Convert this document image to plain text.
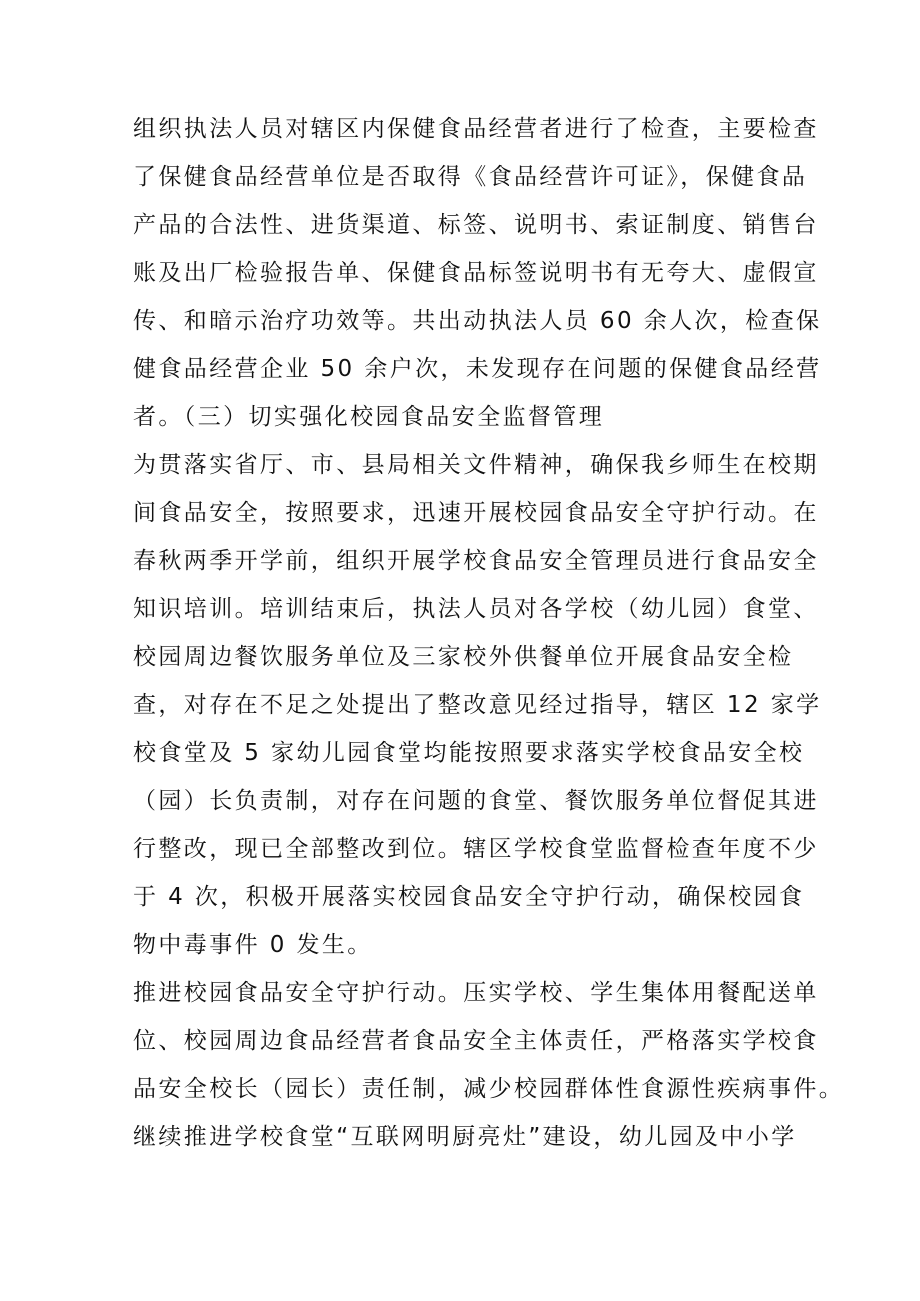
组织执法人员对辖区内保健食品经营者进行了检查，主要检查
了保健食品经营单位是否取得《食品经营许可证》，保健食品
产品的合法性、进货渠道、标签、说明书、索证制度、销售台
账及出厂检验报告单、保健食品标签说明书有无夸大、虚假宣
传、和暗示治疗功效等。共出动执法人员 60 余人次，检查保
健食品经营企业 50 余户次，未发现存在问题的保健食品经营
者。（三）切实强化校园食品安全监督管理
为贯落实省厅、市、县局相关文件精神，确保我乡师生在校期
间食品安全，按照要求，迅速开展校园食品安全守护行动。在
春秋两季开学前，组织开展学校食品安全管理员进行食品安全
知识培训。培训结束后，执法人员对各学校（幼儿园）食堂、
校园周边餐饮服务单位及三家校外供餐单位开展食品安全检
查，对存在不足之处提出了整改意见经过指导，辖区 12 家学
校食堂及 5 家幼儿园食堂均能按照要求落实学校食品安全校
（园）长负责制，对存在问题的食堂、餐饮服务单位督促其进
行整改，现已全部整改到位。辖区学校食堂监督检查年度不少
于 4 次，积极开展落实校园食品安全守护行动，确保校园食
物中毒事件 0 发生。
推进校园食品安全守护行动。压实学校、学生集体用餐配送单
位、校园周边食品经营者食品安全主体责任，严格落实学校食
品安全校长（园长）责任制，减少校园群体性食源性疾病事件。
继续推进学校食堂“互联网明厨亮灶”建设，幼儿园及中小学
